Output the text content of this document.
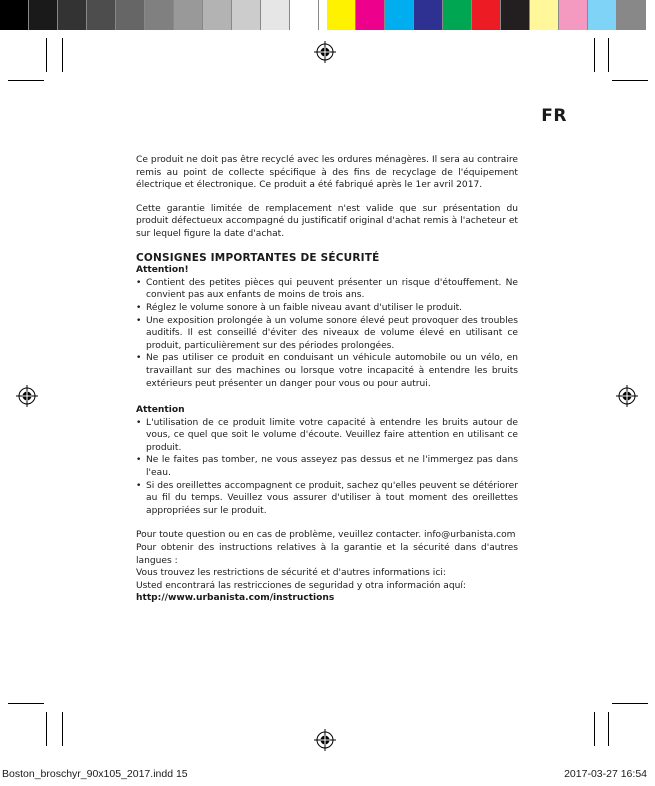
FR

Ce produit ne doit pas être recyclé avec les ordures ménagères. Il sera au contraire remis au point de collecte spécifique à des fins de recyclage de l'équipement électrique et électronique. Ce produit a été fabriqué après le 1er avril 2017.

Cette garantie limitée de remplacement n'est valide que sur présentation du produit défectueux accompagné du justificatif original d'achat remis à l'acheteur et sur lequel figure la date d'achat.

CONSIGNES IMPORTANTES DE SÉCURITÉ

Attention!

• Contient des petites pièces qui peuvent présenter un risque d'étouffement. Ne convient pas aux enfants de moins de trois ans.
• Réglez le volume sonore à un faible niveau avant d'utiliser le produit.
• Une exposition prolongée à un volume sonore élevé peut provoquer des troubles auditifs. Il est conseillé d'éviter des niveaux de volume élevé en utilisant ce produit, particulièrement sur des périodes prolongées.
• Ne pas utiliser ce produit en conduisant un véhicule automobile ou un vélo, en travaillant sur des machines ou lorsque votre incapacité à entendre les bruits extérieurs peut présenter un danger pour vous ou pour autrui.

Attention

• L'utilisation de ce produit limite votre capacité à entendre les bruits autour de vous, ce quel que soit le volume d'écoute. Veuillez faire attention en utilisant ce produit.
• Ne le faites pas tomber, ne vous asseyez pas dessus et ne l'immergez pas dans l'eau.
• Si des oreillettes accompagnent ce produit, sachez qu'elles peuvent se détériorer au fil du temps. Veuillez vous assurer d'utiliser à tout moment des oreillettes appropriées sur le produit.

Pour toute question ou en cas de problème, veuillez contacter. info@urbanista.com

Pour obtenir des instructions relatives à la garantie et la sécurité dans d'autres langues :

Vous trouvez les restrictions de sécurité et d'autres informations ici:

Usted encontrará las restricciones de seguridad y otra información aquí:

http://www.urbanista.com/instructions

Boston_broschyr_90x105_2017.indd 15	2017-03-27 16:54
